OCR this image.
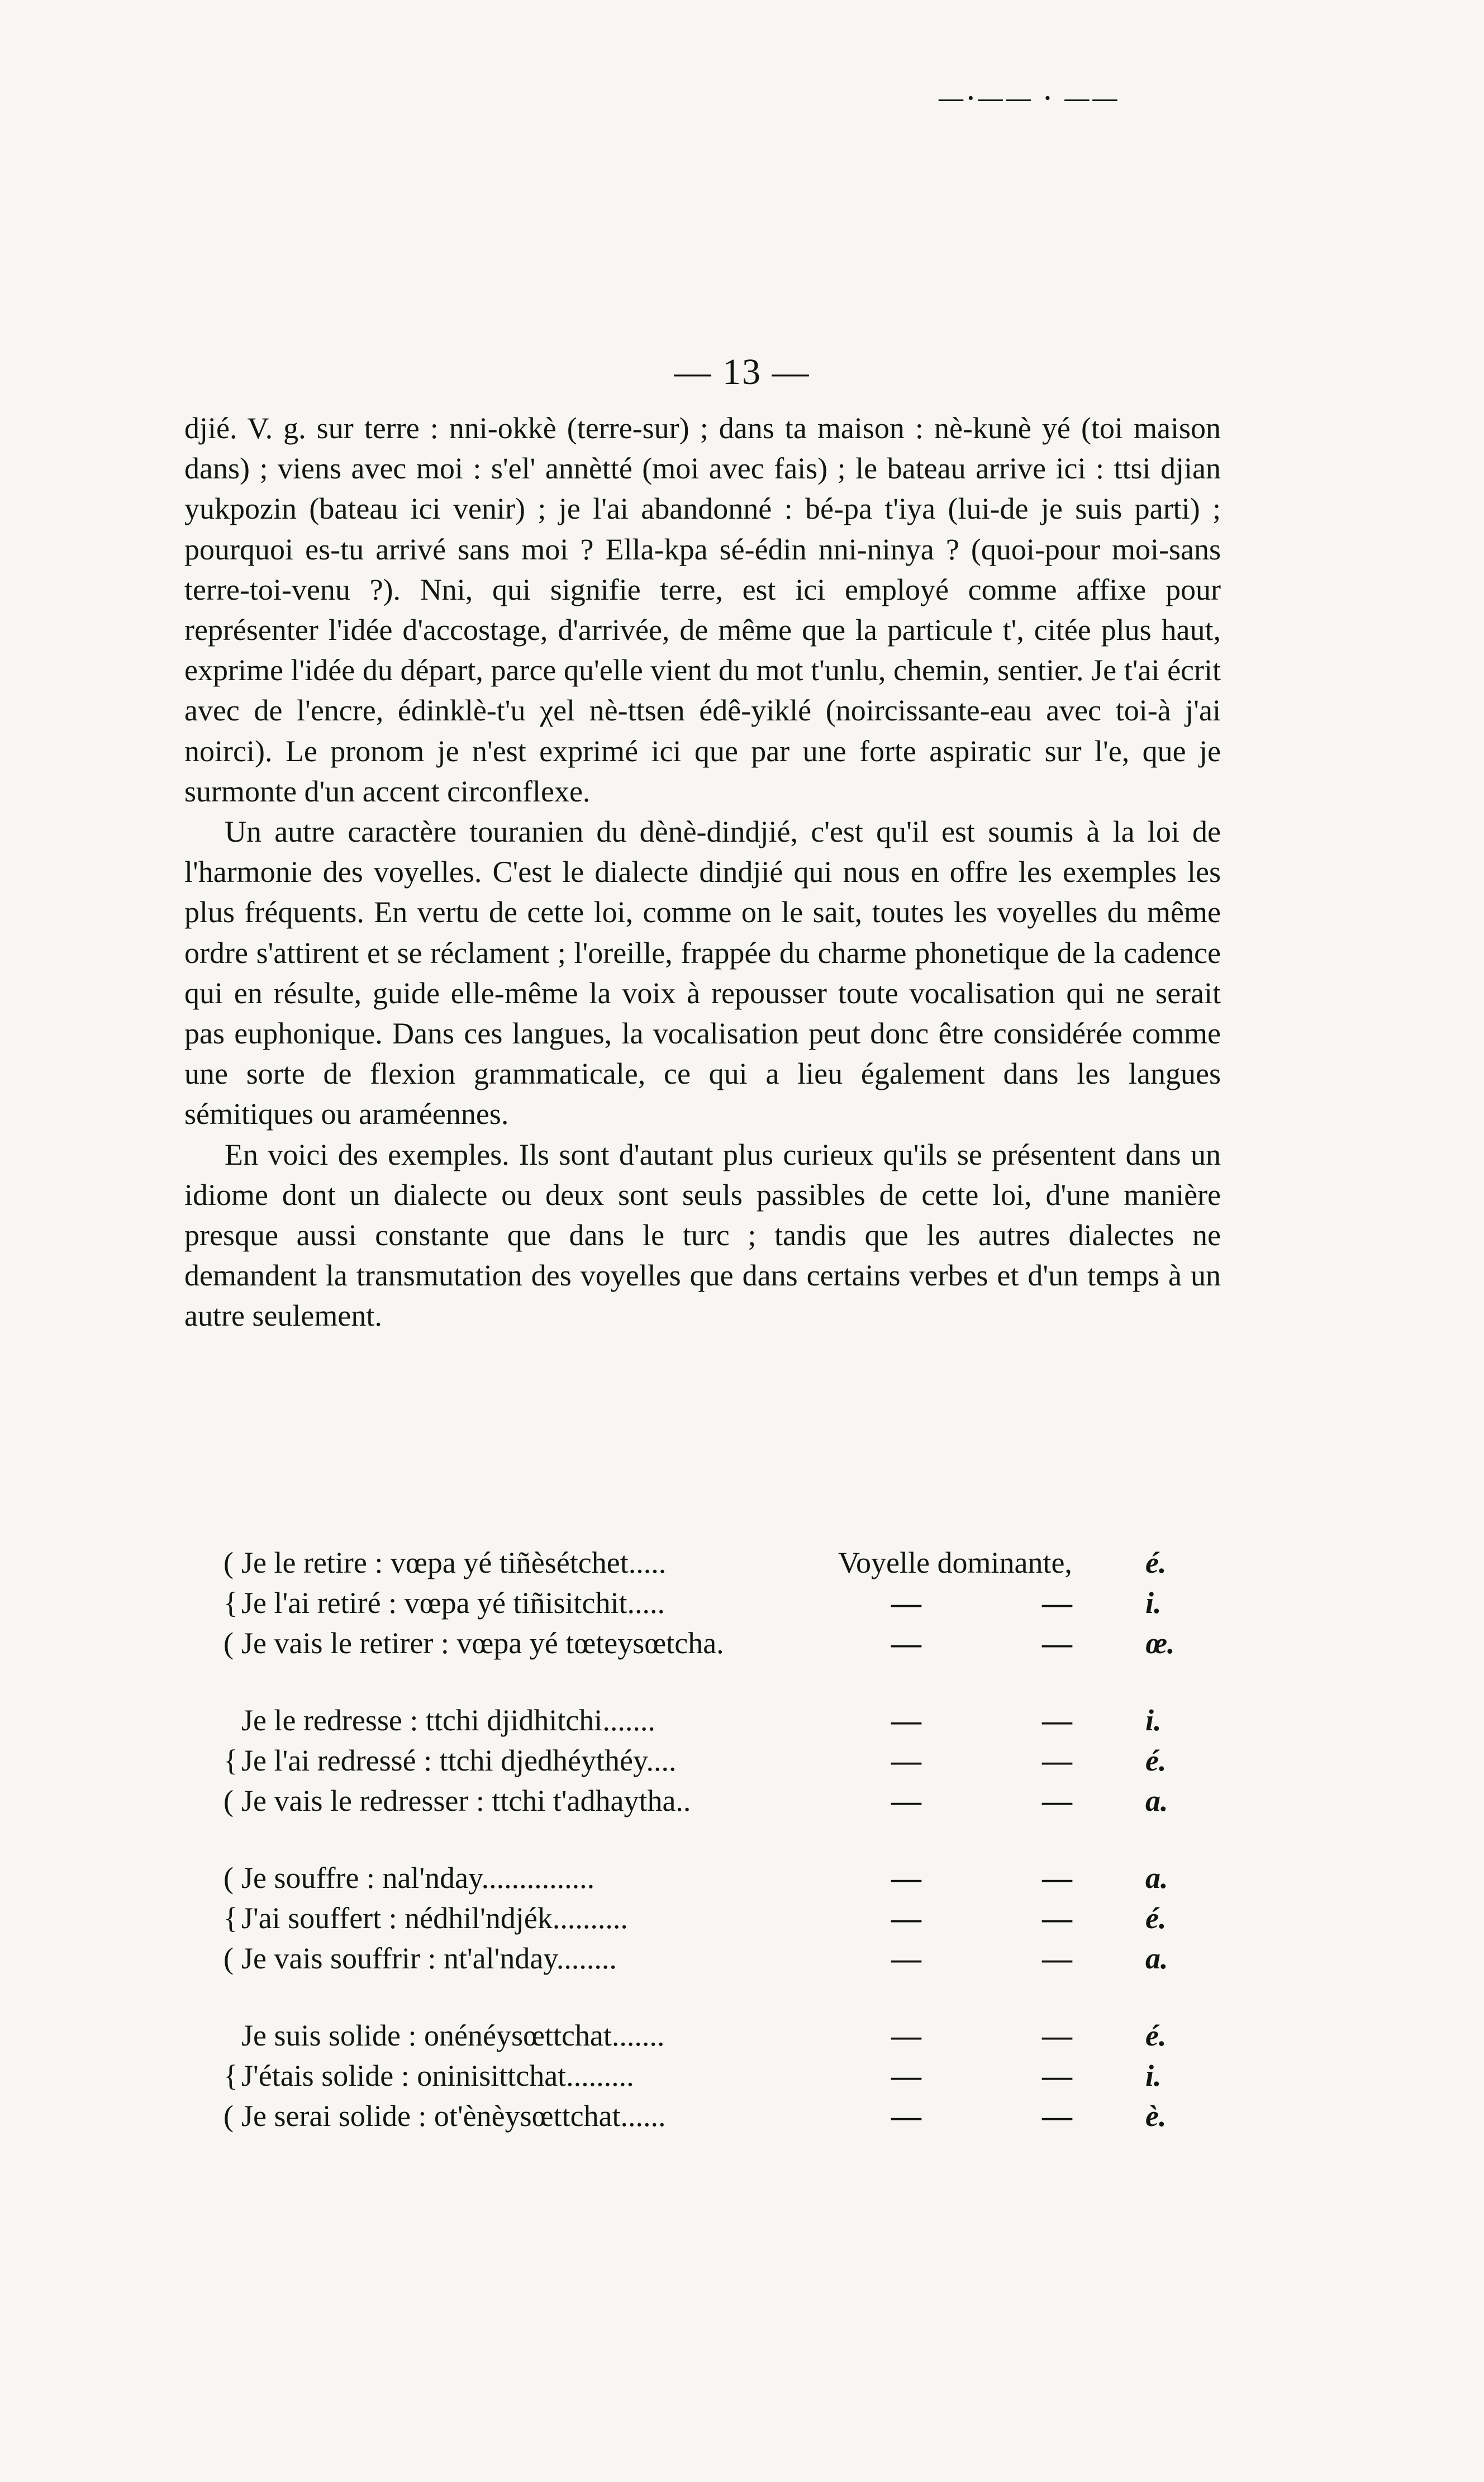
—·—— · ——
— 13 —

djié. V. g. sur terre : nni-okkè (terre-sur) ; dans ta maison : nè-kunè yé (toi maison dans) ; viens avec moi : s'el' annètté (moi avec fais) ; le bateau arrive ici : ttsi djian yukpozin (bateau ici venir) ; je l'ai abandonné : bé-pa t'iya (lui-de je suis parti) ; pourquoi es-tu arrivé sans moi ? Ella-kpa sé-édin nni-ninya ? (quoi-pour moi-sans terre-toi-venu ?). Nni, qui signifie terre, est ici employé comme affixe pour représenter l'idée d'accostage, d'arrivée, de même que la particule t', citée plus haut, exprime l'idée du départ, parce qu'elle vient du mot t'unlu, chemin, sentier. Je t'ai écrit avec de l'encre, édinklè-t'u χel nè-ttsen édê-yiklé (noircissante-eau avec toi-à j'ai noirci). Le pronom je n'est exprimé ici que par une forte aspiratic sur l'e, que je surmonte d'un accent circonflexe.

Un autre caractère touranien du dènè-dindjié, c'est qu'il est soumis à la loi de l'harmonie des voyelles. C'est le dialecte dindjié qui nous en offre les exemples les plus fréquents. En vertu de cette loi, comme on le sait, toutes les voyelles du même ordre s'attirent et se réclament ; l'oreille, frappée du charme phonetique de la cadence qui en résulte, guide elle-même la voix à repousser toute vocalisation qui ne serait pas euphonique. Dans ces langues, la vocalisation peut donc être considérée comme une sorte de flexion grammaticale, ce qui a lieu également dans les langues sémitiques ou araméennes.

En voici des exemples. Ils sont d'autant plus curieux qu'ils se présentent dans un idiome dont un dialecte ou deux sont seuls passibles de cette loi, d'une manière presque aussi constante que dans le turc ; tandis que les autres dialectes ne demandent la transmutation des voyelles que dans certains verbes et d'un temps à un autre seulement.

( Je le retire : vœpa yé tiñèsétchet.....	Voyelle dominante, é.
{ Je l'ai retiré : vœpa yé tiñisitchit.....	—	— i.
( Je vais le retirer : vœpa yé tœteysœtcha.	—	— œ.
Je le redresse : ttchi djidhitchi.......	—	— i.
{ Je l'ai redressé : ttchi djedhéythéy....	—	— é.
( Je vais le redresser : ttchi t'adhaytha..	—	— a.
( Je souffre : nal'nday...............	—	— a.
{ J'ai souffert : nédhil'ndjék..........	—	— é.
( Je vais souffrir : nt'al'nday........	—	— a.
Je suis solide : onénéysœttchat.......	—	— é.
{ J'étais solide : oninisittchat.........	—	— i.
( Je serai solide : ot'ènèysœttchat......	—	— è.
